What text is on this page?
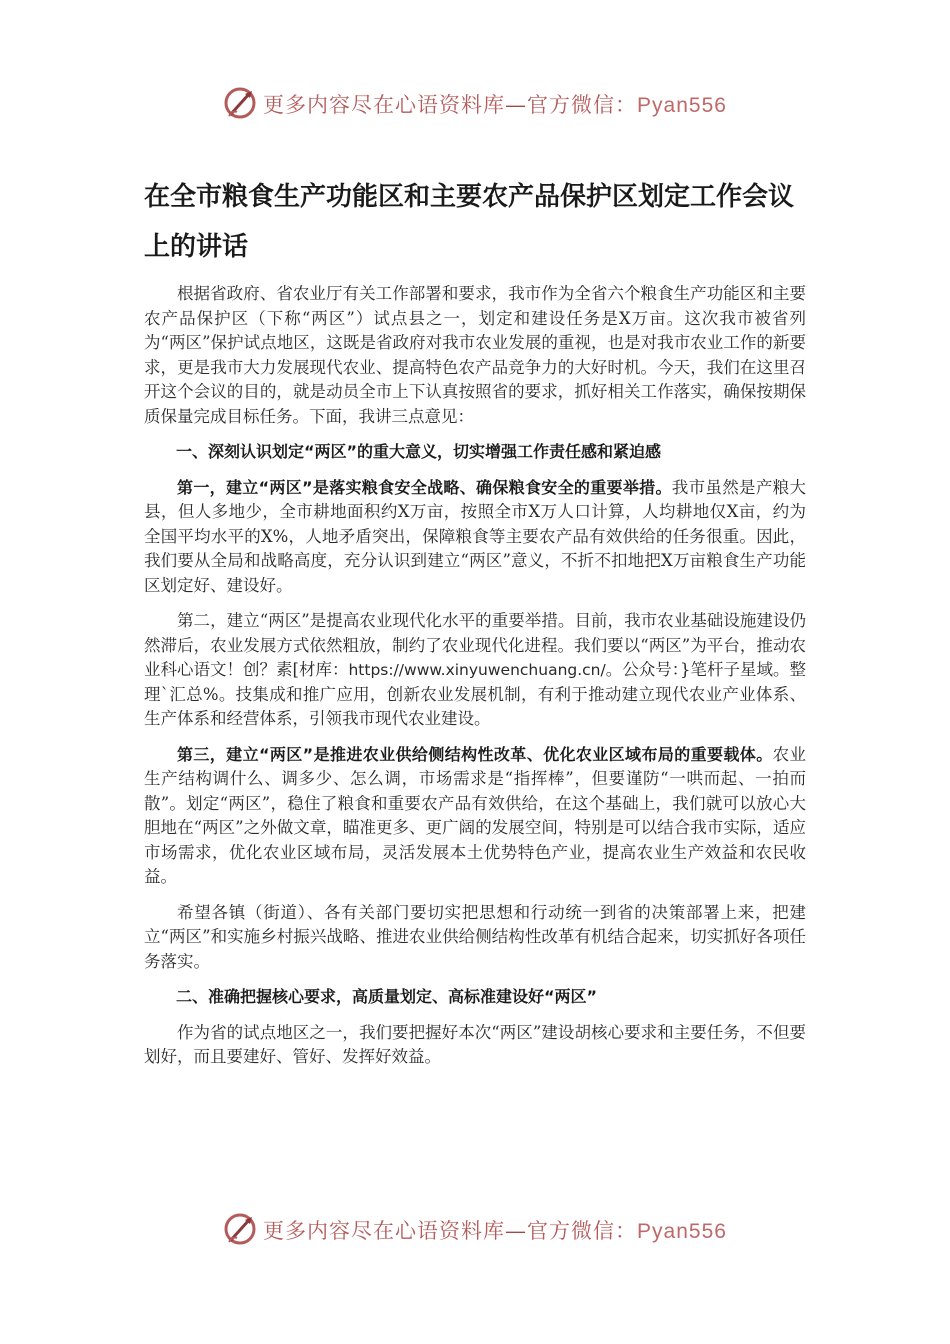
更多内容尽在心语资料库—官方微信：Pyan556
在全市粮食生产功能区和主要农产品保护区划定工作会议上的讲话

根据省政府、省农业厅有关工作部署和要求，我市作为全省六个粮食生产功能区和主要农产品保护区（下称“两区”）试点县之一，划定和建设任务是X万亩。这次我市被省列为“两区”保护试点地区，这既是省政府对我市农业发展的重视，也是对我市农业工作的新要求，更是我市大力发展现代农业、提高特色农产品竞争力的大好时机。今天，我们在这里召开这个会议的目的，就是动员全市上下认真按照省的要求，抓好相关工作落实，确保按期保质保量完成目标任务。下面，我讲三点意见：

一、深刻认识划定“两区”的重大意义，切实增强工作责任感和紧迫感

第一，建立“两区”是落实粮食安全战略、确保粮食安全的重要举措。我市虽然是产粮大县，但人多地少，全市耕地面积约X万亩，按照全市X万人口计算，人均耕地仅X亩，约为全国平均水平的X%，人地矛盾突出，保障粮食等主要农产品有效供给的任务很重。因此，我们要从全局和战略高度，充分认识到建立“两区”意义，不折不扣地把X万亩粮食生产功能区划定好、建设好。

第二，建立“两区”是提高农业现代化水平的重要举措。目前，我市农业基础设施建设仍然滞后，农业发展方式依然粗放，制约了农业现代化进程。我们要以“两区”为平台，推动农业科心语文！创？素[材库：https://www.xinyuwenchuang.cn/。公众号：}笔杆子星域。整理`汇总%。技集成和推广应用，创新农业发展机制，有利于推动建立现代农业产业体系、生产体系和经营体系，引领我市现代农业建设。

第三，建立“两区”是推进农业供给侧结构性改革、优化农业区域布局的重要载体。农业生产结构调什么、调多少、怎么调，市场需求是“指挥棒”，但要谨防“一哄而起、一拍而散”。划定“两区”，稳住了粮食和重要农产品有效供给，在这个基础上，我们就可以放心大胆地在“两区”之外做文章，瞄准更多、更广阔的发展空间，特别是可以结合我市实际，适应市场需求，优化农业区域布局，灵活发展本土优势特色产业，提高农业生产效益和农民收益。

希望各镇（街道）、各有关部门要切实把思想和行动统一到省的决策部署上来，把建立“两区”和实施乡村振兴战略、推进农业供给侧结构性改革有机结合起来，切实抓好各项任务落实。

二、准确把握核心要求，高质量划定、高标准建设好“两区”

作为省的试点地区之一，我们要把握好本次“两区”建设胡核心要求和主要任务，不但要划好，而且要建好、管好、发挥好效益。

更多内容尽在心语资料库—官方微信：Pyan556
